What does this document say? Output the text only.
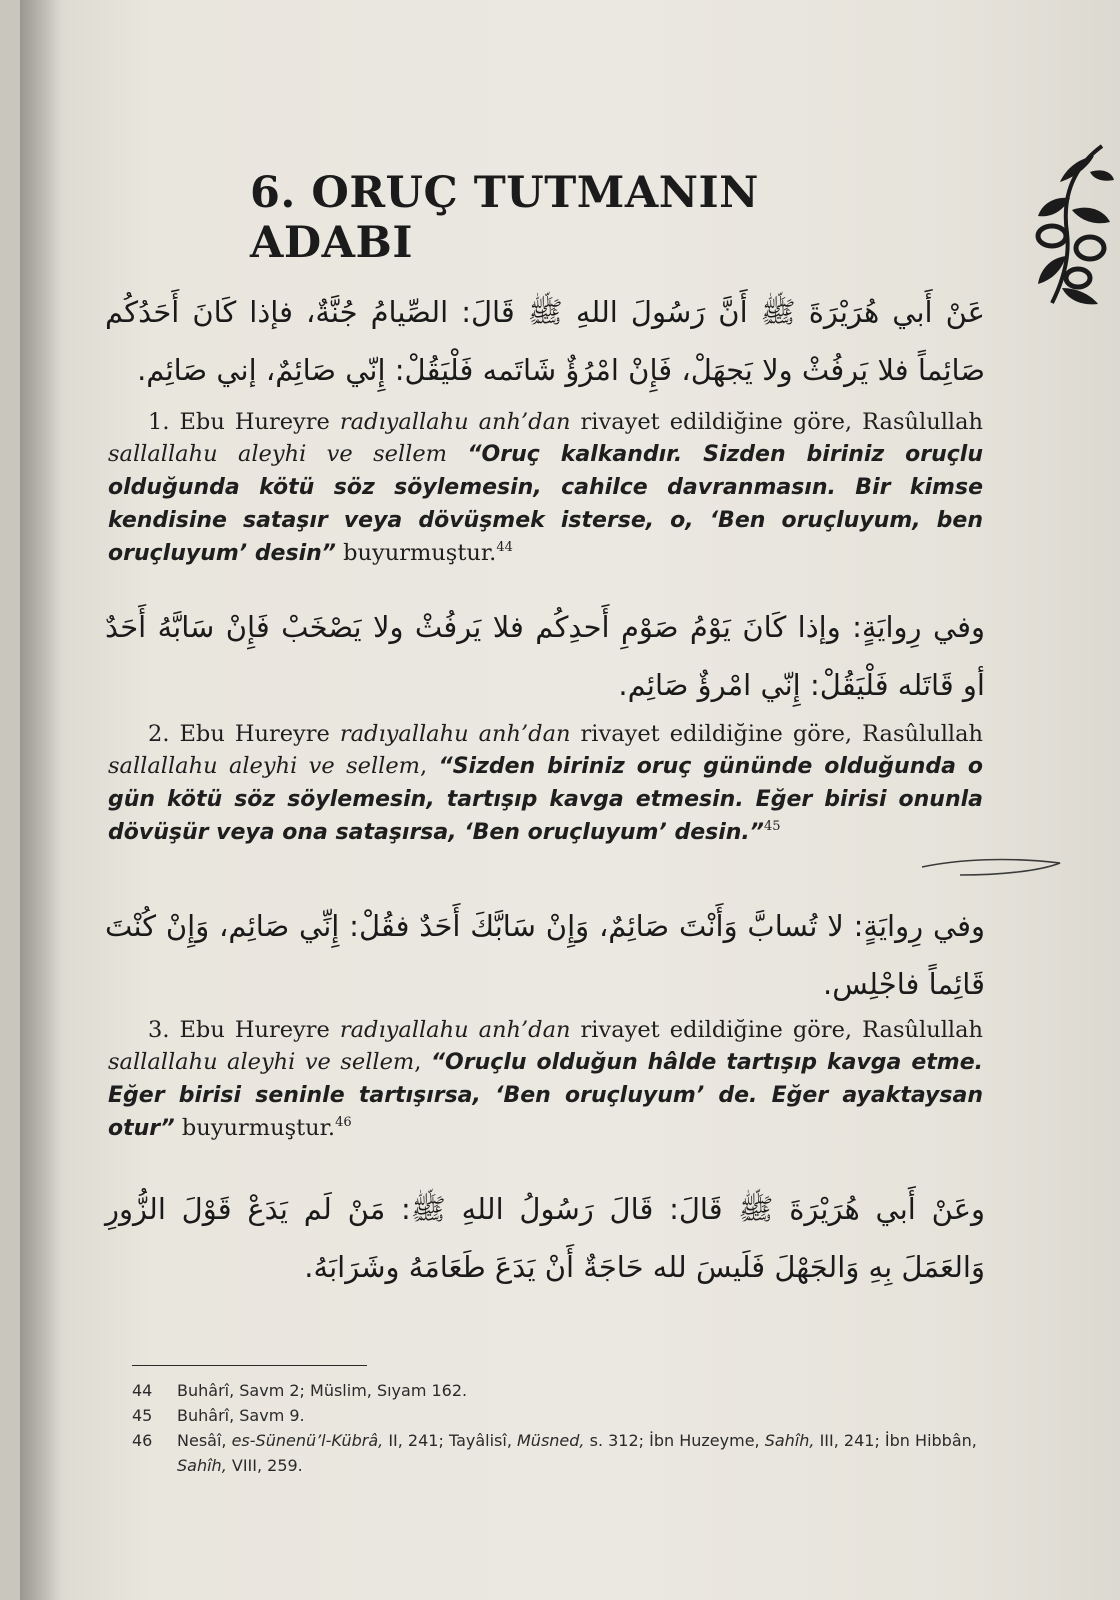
6. ORUÇ TUTMANIN ADABI

عَنْ أَبي هُرَيْرَةَ ﷺ أَنَّ رَسُولَ اللهِ ﷺ قَالَ: الصِّيامُ جُنَّةٌ، فإذا كَانَ أَحَدُكُم صَائِماً فلا يَرفُثْ ولا يَجهَلْ، فَإِنْ امْرُؤٌ شَاتَمه فَلْيَقُلْ: إِنّي صَائِمٌ، إني صَائِم.

1. Ebu Hureyre radıyallahu anh’dan rivayet edildiğine göre, Rasûlullah sallallahu aleyhi ve sellem “Oruç kalkandır. Sizden biriniz oruçlu olduğunda kötü söz söylemesin, cahilce davranmasın. Bir kimse kendisine sataşır veya dövüşmek isterse, o, ‘Ben oruçluyum, ben oruçluyum’ desin” buyurmuştur.$^{44}$

وفي رِوايَةٍ: وإذا كَانَ يَوْمُ صَوْمِ أَحدِكُم فلا يَرفُثْ ولا يَصْخَبْ فَإِنْ سَابَّهُ أَحَدٌ أو قَاتَله فَلْيَقُلْ: إِنّي امْرؤٌ صَائِم.

2. Ebu Hureyre radıyallahu anh’dan rivayet edildiğine göre, Rasûlullah sallallahu aleyhi ve sellem, “Sizden biriniz oruç gününde olduğunda o gün kötü söz söylemesin, tartışıp kavga etmesin. Eğer birisi onunla dövüşür veya ona sataşırsa, ‘Ben oruçluyum’ desin.”$^{45}$

وفي رِوايَةٍ: لا تُسابَّ وَأَنْتَ صَائِمٌ، وَإِنْ سَابَّكَ أَحَدٌ فقُلْ: إِنِّي صَائِم، وَإِنْ كُنْتَ قَائِماً فاجْلِس.

3. Ebu Hureyre radıyallahu anh’dan rivayet edildiğine göre, Rasûlullah sallallahu aleyhi ve sellem, “Oruçlu olduğun hâlde tartışıp kavga etme. Eğer birisi seninle tartışırsa, ‘Ben oruçluyum’ de. Eğer ayaktaysan otur” buyurmuştur.$^{46}$

وعَنْ أَبي هُرَيْرَةَ ﷺ قَالَ: قَالَ رَسُولُ اللهِ ﷺ: مَنْ لَم يَدَعْ قَوْلَ الزُّورِ وَالعَمَلَ بِهِ وَالجَهْلَ فَلَيسَ لله حَاجَةٌ أَنْ يَدَعَ طَعَامَهُ وشَرَابَهُ.

44	Buhârî, Savm 2; Müslim, Sıyam 162.
45	Buhârî, Savm 9.
46	Nesâî, es-Sünenü’l-Kübrâ, II, 241; Tayâlisî, Müsned, s. 312; İbn Huzeyme, Sahîh, III, 241; İbn Hibbân, Sahîh, VIII, 259.
